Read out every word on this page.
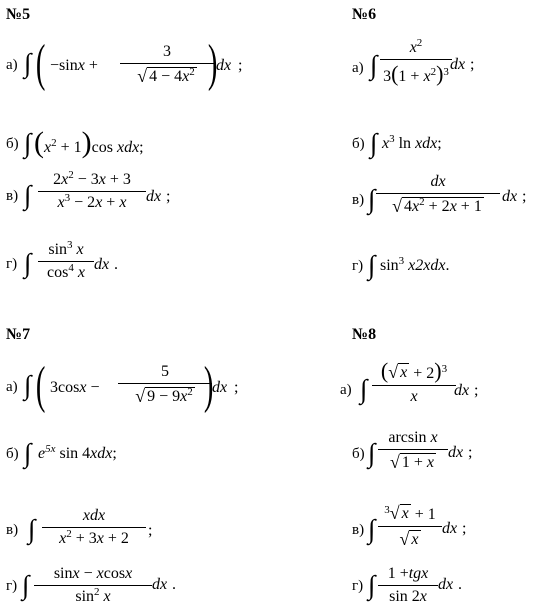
№5
а) ∫ ( −sinx +
3
√ $4 - 4x^2$ )
dx ;
б) ∫ $(x^2 + 1)\cos$ xdx;
в) ∫
$2x^2 - 3x + 3$
$x^3 - 2x + x$ dx ;
г) ∫ $\sin^3 x$
$\cos^4 x$ dx .
№6
а) ∫
$x^2$
$3(1 + x^2)^3$ dx ;
б) ∫ $x^3$ ln xdx;
в) ∫
dx
√ $4x^2 + 2x + 1$
dx ;
г) ∫ $\sin^3 x2xdx$.
№7
а) ∫ ( 3cosx −
5
√ $9 - 9x^2$ )
dx ;
б) ∫ $e^{5x}$ sin 4xdx;
в) ∫	xdx
$x^2 + 3x + 2$ ;
г) ∫ sinx − xcosx
$\sin^2 x$
dx .
№8
а) ∫
( √ x + 2)$^3$
x dx ;
б) ∫
arcsin x
√ 1 + x
dx ;
в) ∫
$^3$ √ x + 1
√ x
dx ;
г) ∫ 1 +tgx
sin 2x
dx .
